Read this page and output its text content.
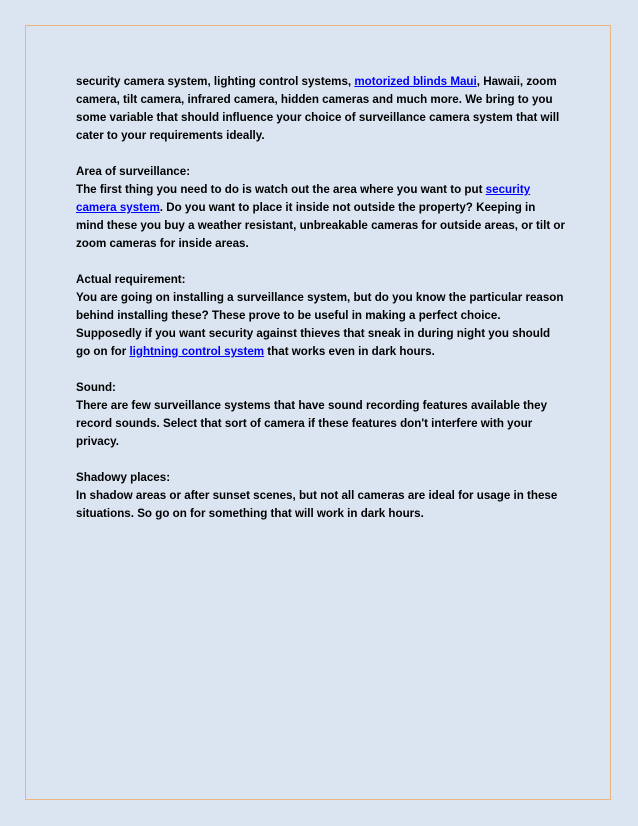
security camera system, lighting control systems, motorized blinds Maui, Hawaii, zoom camera, tilt camera, infrared camera, hidden cameras and much more. We bring to you some variable that should influence your choice of surveillance camera system that will cater to your requirements ideally.

Area of surveillance:
The first thing you need to do is watch out the area where you want to put security camera system. Do you want to place it inside not outside the property? Keeping in mind these you buy a weather resistant, unbreakable cameras for outside areas, or tilt or zoom cameras for inside areas.

Actual requirement:
You are going on installing a surveillance system, but do you know the particular reason behind installing these? These prove to be useful in making a perfect choice. Supposedly if you want security against thieves that sneak in during night you should go on for lightning control system that works even in dark hours.

Sound:
There are few surveillance systems that have sound recording features available they record sounds. Select that sort of camera if these features don't interfere with your privacy.

Shadowy places:
In shadow areas or after sunset scenes, but not all cameras are ideal for usage in these situations. So go on for something that will work in dark hours.
